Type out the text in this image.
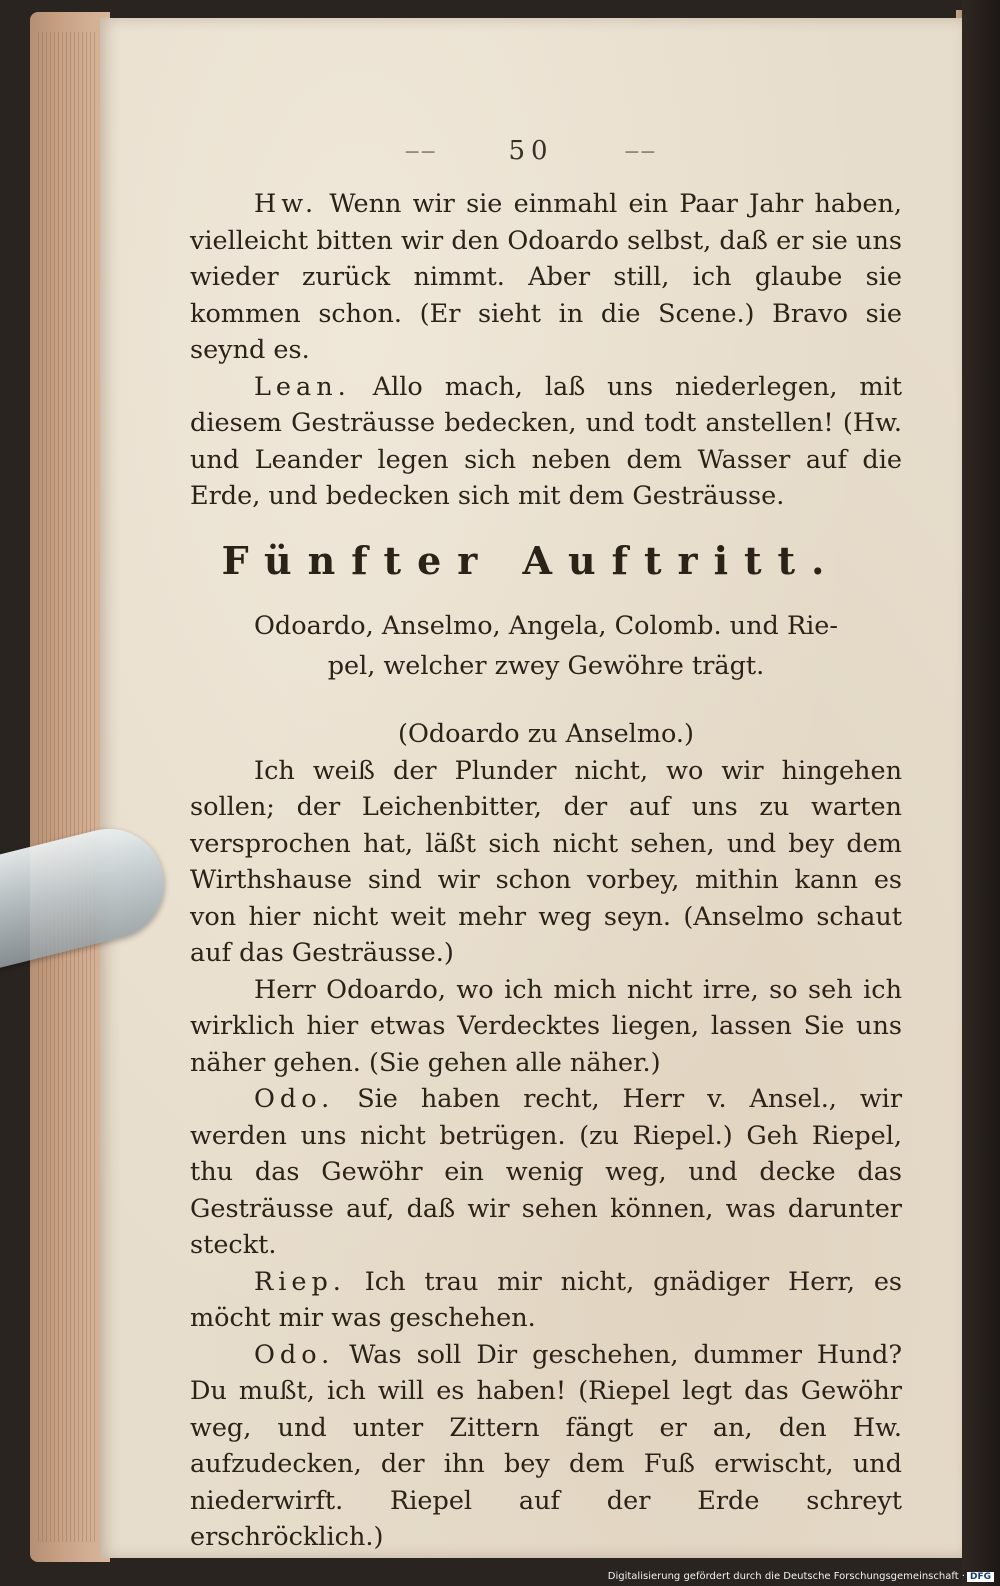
——	50	——

Hw. Wenn wir sie einmahl ein Paar Jahr haben, vielleicht bitten wir den Odoardo selbst, daß er sie uns wieder zurück nimmt. Aber still, ich glaube sie kommen schon. (Er sieht in die Scene.) Bravo sie seynd es.

Lean. Allo mach, laß uns niederlegen, mit diesem Gesträusse bedecken, und todt anstellen! (Hw. und Leander legen sich neben dem Wasser auf die Erde, und bedecken sich mit dem Gesträusse.

Fünfter Auftritt.

Odoardo, Anselmo, Angela, Colomb. und Rie-

pel, welcher zwey Gewöhre trägt.

(Odoardo zu Anselmo.)

Ich weiß der Plunder nicht, wo wir hingehen sollen; der Leichenbitter, der auf uns zu warten versprochen hat, läßt sich nicht sehen, und bey dem Wirthshause sind wir schon vorbey, mithin kann es von hier nicht weit mehr weg seyn. (Anselmo schaut auf das Gesträusse.)

Herr Odoardo, wo ich mich nicht irre, so seh ich wirklich hier etwas Verdecktes liegen, lassen Sie uns näher gehen. (Sie gehen alle näher.)

Odo. Sie haben recht, Herr v. Ansel., wir werden uns nicht betrügen. (zu Riepel.) Geh Riepel, thu das Gewöhr ein wenig weg, und decke das Gesträusse auf, daß wir sehen können, was darunter steckt.

Riep. Ich trau mir nicht, gnädiger Herr, es möcht mir was geschehen.

Odo. Was soll Dir geschehen, dummer Hund? Du mußt, ich will es haben! (Riepel legt das Gewöhr weg, und unter Zittern fängt er an, den Hw. aufzudecken, der ihn bey dem Fuß erwischt, und niederwirft. Riepel auf der Erde schreyt erschröcklich.)

Digitalisierung gefördert durch die Deutsche Forschungsgemeinschaft · DFG
